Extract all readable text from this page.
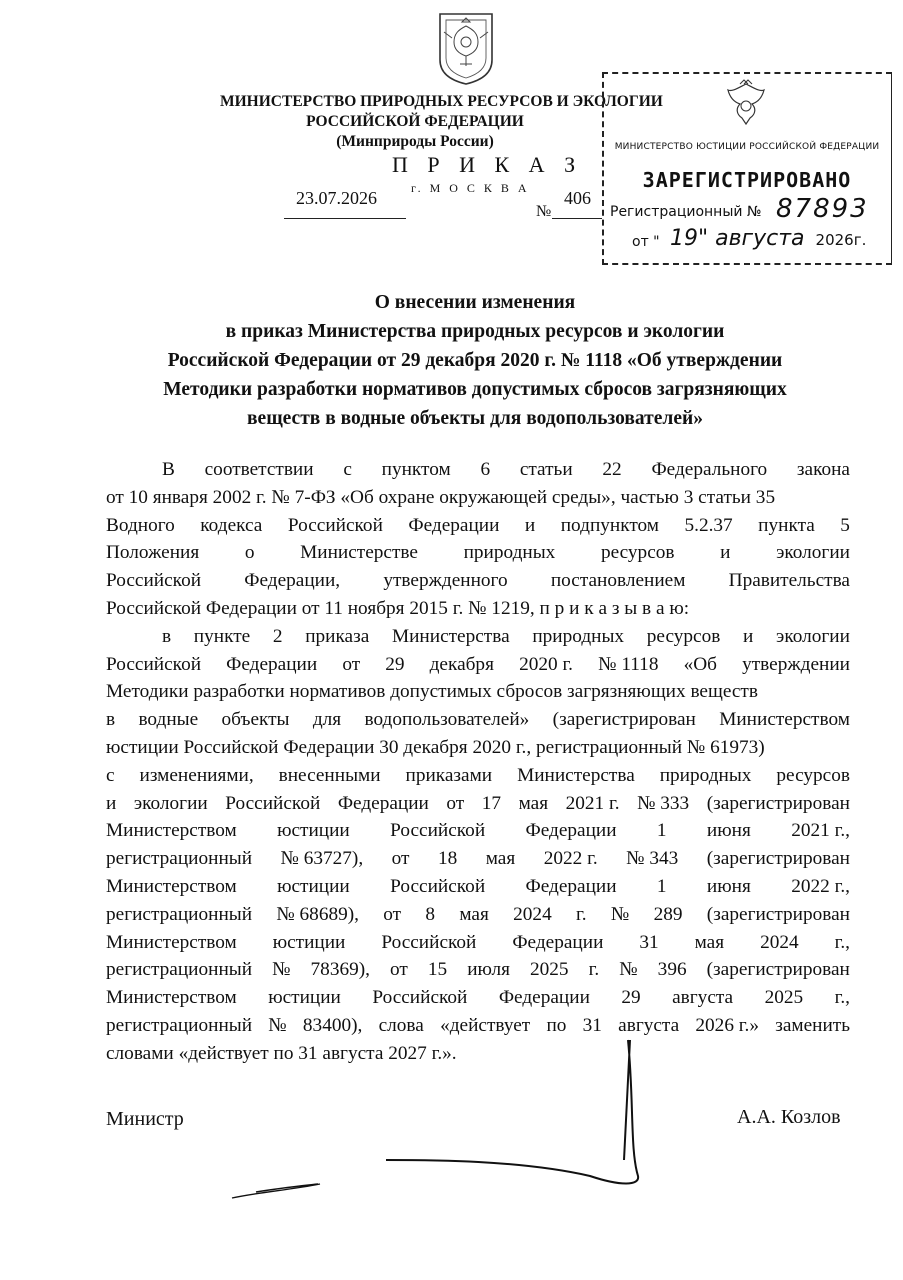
МИНИСТЕРСТВО ПРИРОДНЫХ РЕСУРСОВ И ЭКОЛОГИИ
РОССИЙСКОЙ ФЕДЕРАЦИИ
(Минприроды России)
П Р И К А З
г. М О С К В А
23.07.2026
№
406
МИНИСТЕРСТВО ЮСТИЦИИ РОССИЙСКОЙ ФЕДЕРАЦИИ
ЗАРЕГИСТРИРОВАНО
Регистрационный № 87893
от " 19" августа 2026г.
О внесении изменения
в приказ Министерства природных ресурсов и экологии
Российской Федерации от 29 декабря 2020 г. № 1118 «Об утверждении
Методики разработки нормативов допустимых сбросов загрязняющих
веществ в водные объекты для водопользователей»
В соответствии с пунктом 6 статьи 22 Федерального закона
от 10 января 2002 г. № 7-ФЗ «Об охране окружающей среды», частью 3 статьи 35
Водного кодекса Российской Федерации и подпунктом 5.2.37 пункта 5
Положения о Министерстве природных ресурсов и экологии
Российской Федерации, утвержденного постановлением Правительства
Российской Федерации от 11 ноября 2015 г. № 1219, п р и к а з ы в а ю:
в пункте 2 приказа Министерства природных ресурсов и экологии
Российской Федерации от 29 декабря 2020 г. № 1118 «Об утверждении
Методики разработки нормативов допустимых сбросов загрязняющих веществ
в водные объекты для водопользователей» (зарегистрирован Министерством
юстиции Российской Федерации 30 декабря 2020 г., регистрационный № 61973)
с изменениями, внесенными приказами Министерства природных ресурсов
и экологии Российской Федерации от 17 мая 2021 г. № 333 (зарегистрирован
Министерством юстиции Российской Федерации 1 июня 2021 г.,
регистрационный № 63727), от 18 мая 2022 г. № 343 (зарегистрирован
Министерством юстиции Российской Федерации 1 июня 2022 г.,
регистрационный № 68689), от 8 мая 2024 г. № 289 (зарегистрирован
Министерством юстиции Российской Федерации 31 мая 2024 г.,
регистрационный № 78369), от 15 июля 2025 г. № 396 (зарегистрирован
Министерством юстиции Российской Федерации 29 августа 2025 г.,
регистрационный № 83400), слова «действует по 31 августа 2026 г.» заменить
словами «действует по 31 августа 2027 г.».
Министр	А.А. Козлов
